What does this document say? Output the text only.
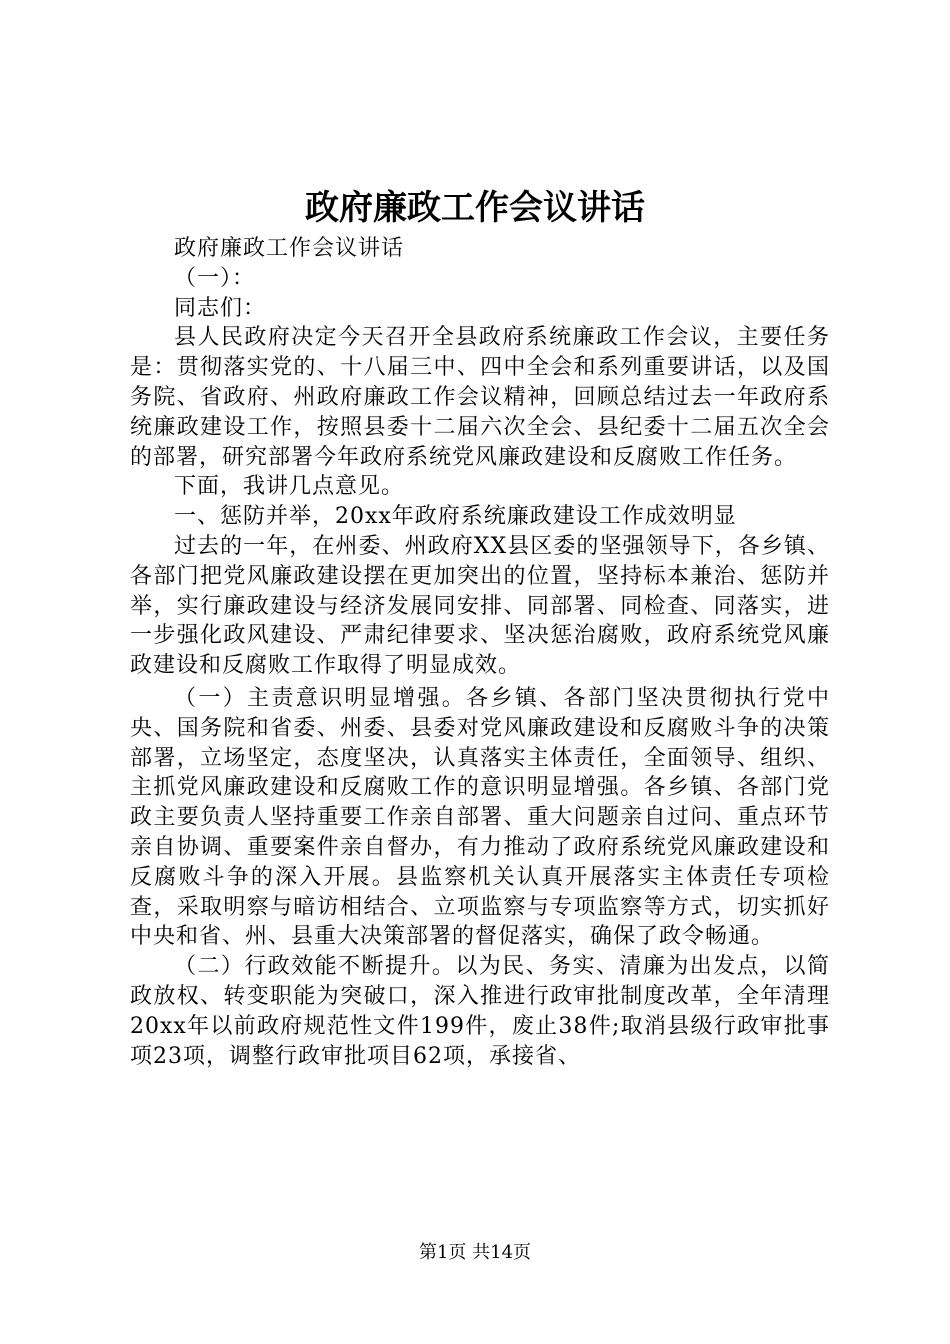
政府廉政工作会议讲话

政府廉政工作会议讲话

（一）：

同志们：

县人民政府决定今天召开全县政府系统廉政工作会议，主要任务是：贯彻落实党的、十八届三中、四中全会和系列重要讲话，以及国务院、省政府、州政府廉政工作会议精神，回顾总结过去一年政府系统廉政建设工作，按照县委十二届六次全会、县纪委十二届五次全会的部署，研究部署今年政府系统党风廉政建设和反腐败工作任务。

下面，我讲几点意见。

一、惩防并举，20xx年政府系统廉政建设工作成效明显

过去的一年，在州委、州政府XX县区委的坚强领导下，各乡镇、各部门把党风廉政建设摆在更加突出的位置，坚持标本兼治、惩防并举，实行廉政建设与经济发展同安排、同部署、同检查、同落实，进一步强化政风建设、严肃纪律要求、坚决惩治腐败，政府系统党风廉政建设和反腐败工作取得了明显成效。

（一）主责意识明显增强。各乡镇、各部门坚决贯彻执行党中央、国务院和省委、州委、县委对党风廉政建设和反腐败斗争的决策部署，立场坚定，态度坚决，认真落实主体责任，全面领导、组织、主抓党风廉政建设和反腐败工作的意识明显增强。各乡镇、各部门党政主要负责人坚持重要工作亲自部署、重大问题亲自过问、重点环节亲自协调、重要案件亲自督办，有力推动了政府系统党风廉政建设和反腐败斗争的深入开展。县监察机关认真开展落实主体责任专项检查，采取明察与暗访相结合、立项监察与专项监察等方式，切实抓好中央和省、州、县重大决策部署的督促落实，确保了政令畅通。

（二）行政效能不断提升。以为民、务实、清廉为出发点，以简政放权、转变职能为突破口，深入推进行政审批制度改革，全年清理20xx年以前政府规范性文件199件，废止38件;取消县级行政审批事项23项，调整行政审批项目62项，承接省、

第1页 共14页
